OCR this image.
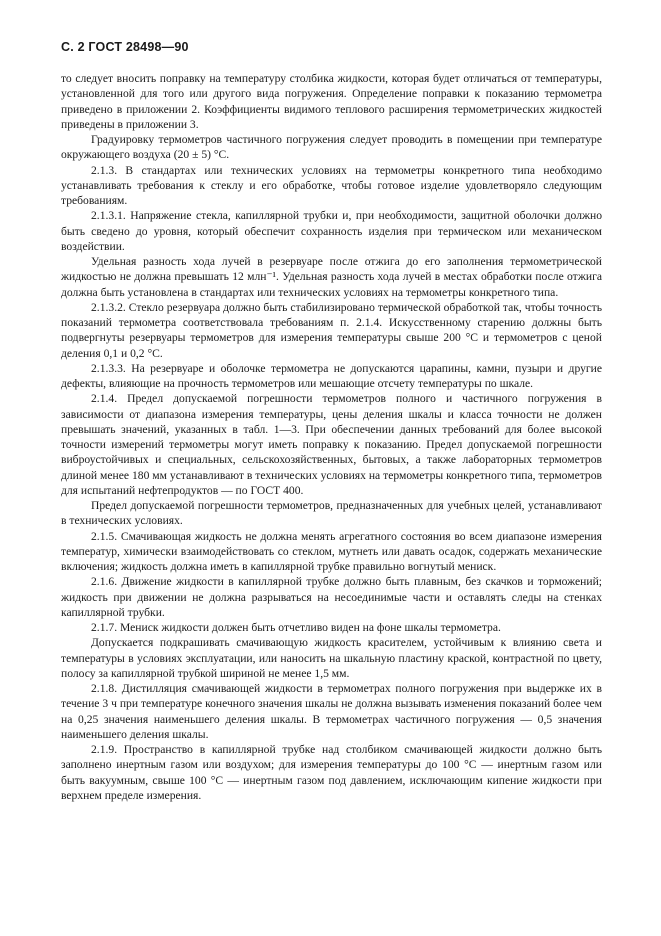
С. 2 ГОСТ 28498—90

то следует вносить поправку на температуру столбика жидкости, которая будет отличаться от температуры, установленной для того или другого вида погружения. Определение поправки к показанию термометра приведено в приложении 2. Коэффициенты видимого теплового расширения термометрических жидкостей приведены в приложении 3.

Градуировку термометров частичного погружения следует проводить в помещении при температуре окружающего воздуха (20 ± 5) °С.

2.1.3. В стандартах или технических условиях на термометры конкретного типа необходимо устанавливать требования к стеклу и его обработке, чтобы готовое изделие удовлетворяло следующим требованиям.

2.1.3.1. Напряжение стекла, капиллярной трубки и, при необходимости, защитной оболочки должно быть сведено до уровня, который обеспечит сохранность изделия при термическом или механическом воздействии.

Удельная разность хода лучей в резервуаре после отжига до его заполнения термометрической жидкостью не должна превышать 12 млн⁻¹. Удельная разность хода лучей в местах обработки после отжига должна быть установлена в стандартах или технических условиях на термометры конкретного типа.

2.1.3.2. Стекло резервуара должно быть стабилизировано термической обработкой так, чтобы точность показаний термометра соответствовала требованиям п. 2.1.4. Искусственному старению должны быть подвергнуты резервуары термометров для измерения температуры свыше 200 °С и термометров с ценой деления 0,1 и 0,2 °С.

2.1.3.3. На резервуаре и оболочке термометра не допускаются царапины, камни, пузыри и другие дефекты, влияющие на прочность термометров или мешающие отсчету температуры по шкале.

2.1.4. Предел допускаемой погрешности термометров полного и частичного погружения в зависимости от диапазона измерения температуры, цены деления шкалы и класса точности не должен превышать значений, указанных в табл. 1—3. При обеспечении данных требований для более высокой точности измерений термометры могут иметь поправку к показанию. Предел допускаемой погрешности виброустойчивых и специальных, сельскохозяйственных, бытовых, а также лабораторных термометров длиной менее 180 мм устанавливают в технических условиях на термометры конкретного типа, термометров для испытаний нефтепродуктов — по ГОСТ 400.

Предел допускаемой погрешности термометров, предназначенных для учебных целей, устанавливают в технических условиях.

2.1.5. Смачивающая жидкость не должна менять агрегатного состояния во всем диапазоне измерения температур, химически взаимодействовать со стеклом, мутнеть или давать осадок, содержать механические включения; жидкость должна иметь в капиллярной трубке правильно вогнутый мениск.

2.1.6. Движение жидкости в капиллярной трубке должно быть плавным, без скачков и торможений; жидкость при движении не должна разрываться на несоединимые части и оставлять следы на стенках капиллярной трубки.

2.1.7. Мениск жидкости должен быть отчетливо виден на фоне шкалы термометра.

Допускается подкрашивать смачивающую жидкость красителем, устойчивым к влиянию света и температуры в условиях эксплуатации, или наносить на шкальную пластину краской, контрастной по цвету, полосу за капиллярной трубкой шириной не менее 1,5 мм.

2.1.8. Дистилляция смачивающей жидкости в термометрах полного погружения при выдержке их в течение 3 ч при температуре конечного значения шкалы не должна вызывать изменения показаний более чем на 0,25 значения наименьшего деления шкалы. В термометрах частичного погружения — 0,5 значения наименьшего деления шкалы.

2.1.9. Пространство в капиллярной трубке над столбиком смачивающей жидкости должно быть заполнено инертным газом или воздухом; для измерения температуры до 100 °С — инертным газом или быть вакуумным, свыше 100 °С — инертным газом под давлением, исключающим кипение жидкости при верхнем пределе измерения.
